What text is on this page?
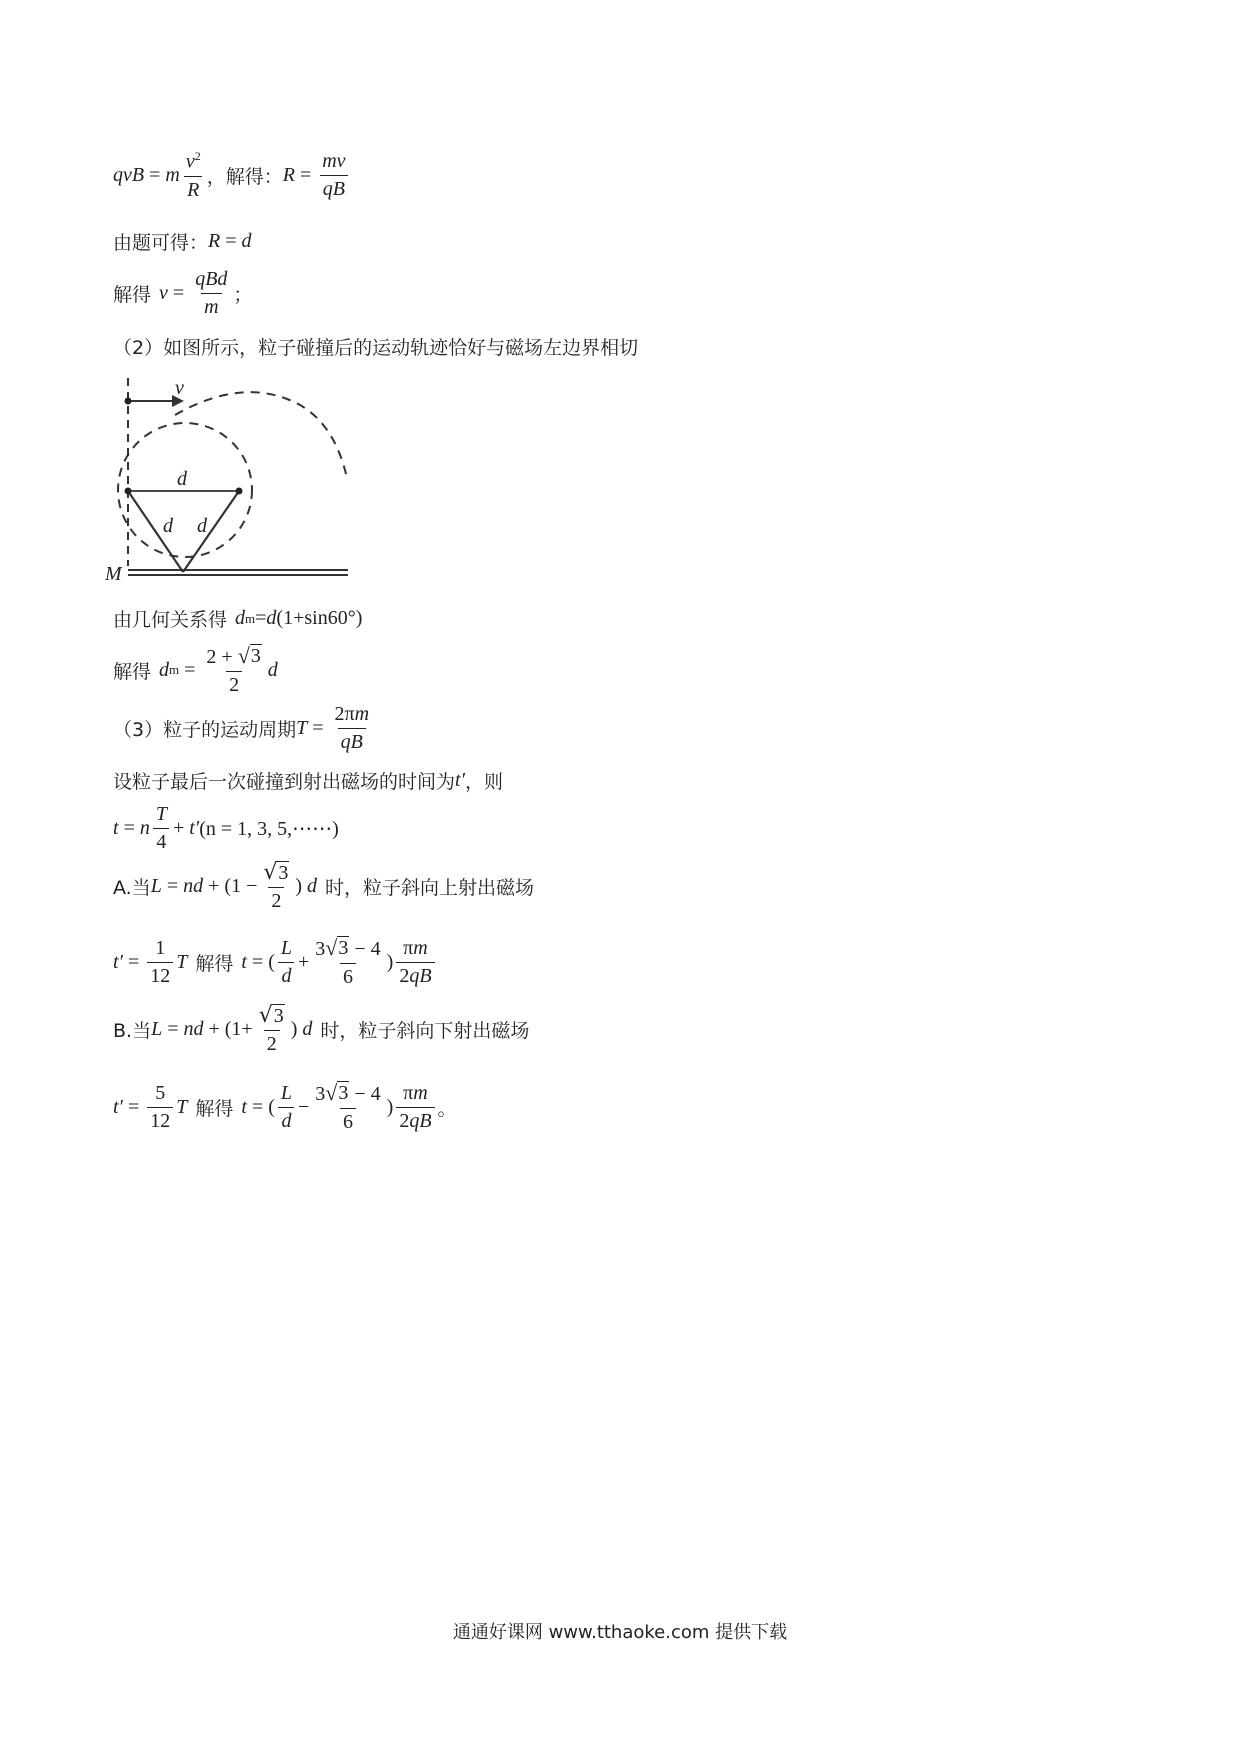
qvB = m $\frac{v^2}{R}$ ，解得： $R = \frac{mv}{qB}$
由题可得： R = d
解得 $v = \frac{\text{qBd}}{m}$ ；
（2）如图所示，粒子碰撞后的运动轨迹恰好与磁场左边界相切
v
d
d d
M
由几何关系得 d m = d (1+sin60°)
解得 d $m = \frac{2 + √ 3}{2}$ d
（3）粒子的运动周期 $T = \frac{2\pi m}{qB}$
设粒子最后一次碰撞到射出磁场的时间为 t′ ，则
t = n $\frac{T}{4} + t'$ (n = 1, 3, 5,⋯⋯)
A.当 L = nd + ($1 - \frac{√ 3}{2}$ ) d 时，粒子斜向上射出磁场
$t' = \frac{1}{12}$ T 解得 t = ( $\frac{L}{d} + \frac{3 √ 3 - 4}{6}$ ) $\frac{\pi m}{2qB}$
B.当 L = nd + ($1+ \frac{√ 3}{2}$ ) d 时，粒子斜向下射出磁场
$t' = \frac{5}{12}$ T 解得 t = ( $\frac{L}{d} - \frac{3 √ 3 - 4}{6}$ ) $\frac{\pi m}{2qB}$ 。
通通好课网 www.tthaoke.com 提供下载
